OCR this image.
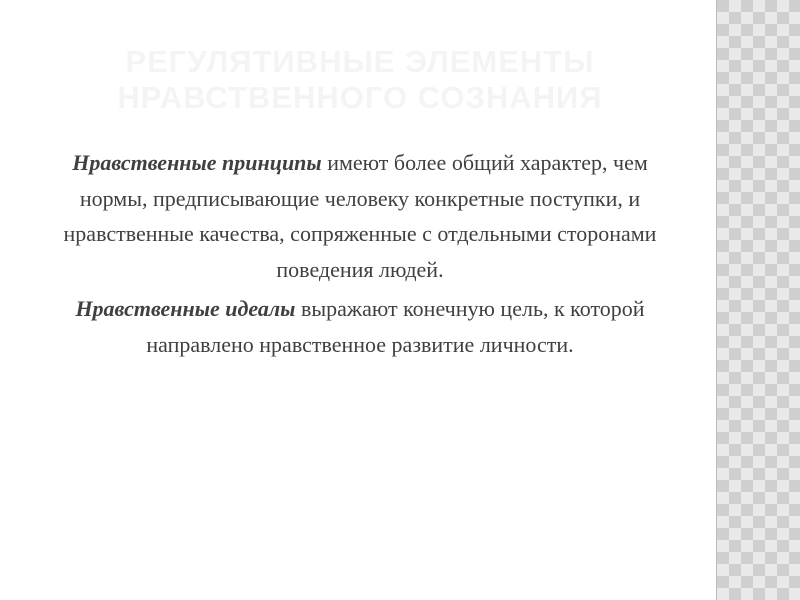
РЕГУЛЯТИВНЫЕ ЭЛЕМЕНТЫ
НРАВСТВЕННОГО СОЗНАНИЯ

Нравственные принципы имеют более общий характер, чем нормы, предписывающие человеку конкретные поступки, и нравственные качества, сопряженные с отдельными сторонами поведения людей.

Нравственные идеалы выражают конечную цель, к которой направлено нравственное развитие личности.
